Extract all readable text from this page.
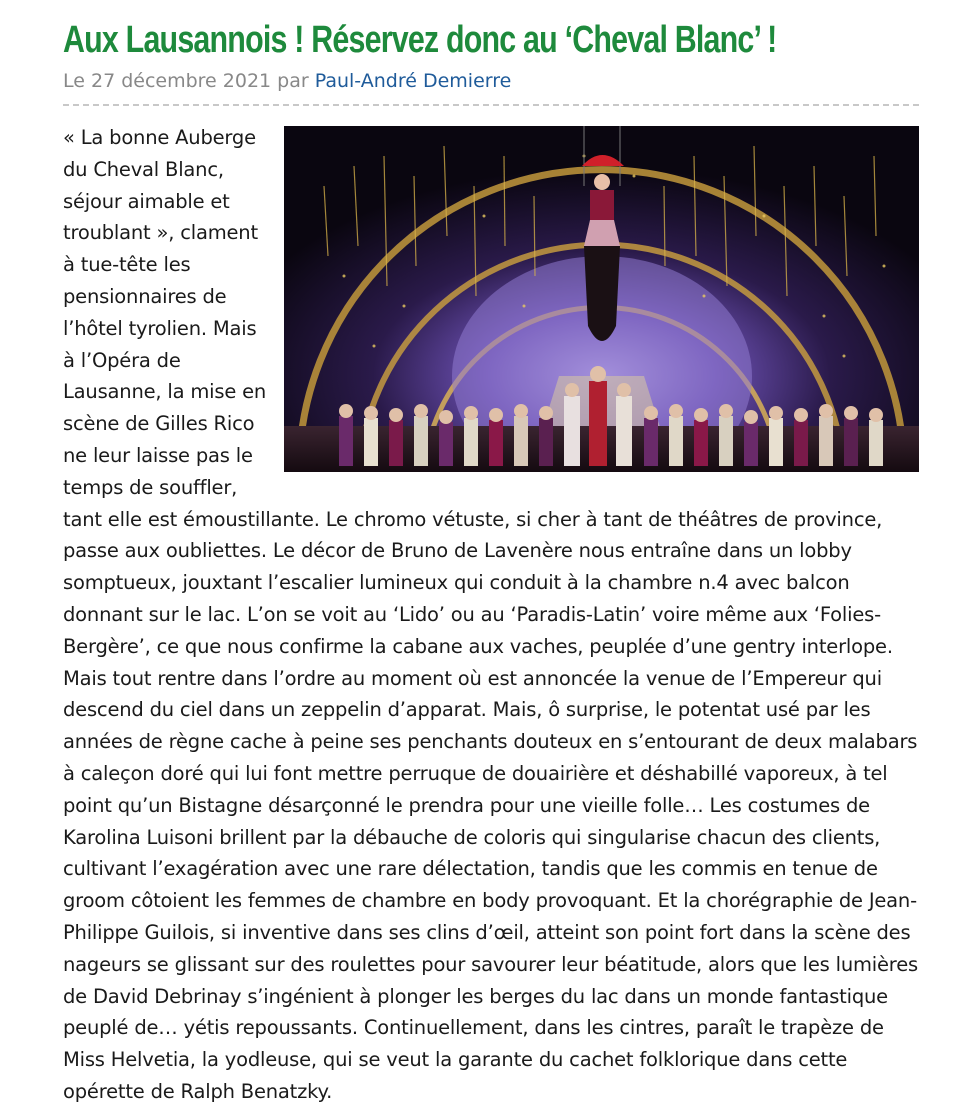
Aux Lausannois ! Réservez donc au ‘Cheval Blanc’ !
Le 27 décembre 2021 par Paul-André Demierre

« La bonne Auberge du Cheval Blanc, séjour aimable et troublant », clament à tue-tête les pensionnaires de l’hôtel tyrolien. Mais à l’Opéra de Lausanne, la mise en scène de Gilles Rico ne leur laisse pas le temps de souffler, tant elle est émoustillante. Le chromo vétuste, si cher à tant de théâtres de province, passe aux oubliettes. Le décor de Bruno de Lavenère nous entraîne dans un lobby somptueux, jouxtant l’escalier lumineux qui conduit à la chambre n.4 avec balcon donnant sur le lac. L’on se voit au ‘Lido’ ou au ‘Paradis-Latin’ voire même aux ‘Folies-Bergère’, ce que nous confirme la cabane aux vaches, peuplée d’une gentry interlope. Mais tout rentre dans l’ordre au moment où est annoncée la venue de l’Empereur qui descend du ciel dans un zeppelin d’apparat. Mais, ô surprise, le potentat usé par les années de règne cache à peine ses penchants douteux en s’entourant de deux malabars à caleçon doré qui lui font mettre perruque de douairière et déshabillé vaporeux, à tel point qu’un Bistagne désarçonné le prendra pour une vieille folle… Les costumes de Karolina Luisoni brillent par la débauche de coloris qui singularise chacun des clients, cultivant l’exagération avec une rare délectation, tandis que les commis en tenue de groom côtoient les femmes de chambre en body provoquant. Et la chorégraphie de Jean-Philippe Guilois, si inventive dans ses clins d’œil, atteint son point fort dans la scène des nageurs se glissant sur des roulettes pour savourer leur béatitude, alors que les lumières de David Debrinay s’ingénient à plonger les berges du lac dans un monde fantastique peuplé de… yétis repoussants. Continuellement, dans les cintres, paraît le trapèze de Miss Helvetia, la yodleuse, qui se veut la garante du cachet folklorique dans cette opérette de Ralph Benatzky.
